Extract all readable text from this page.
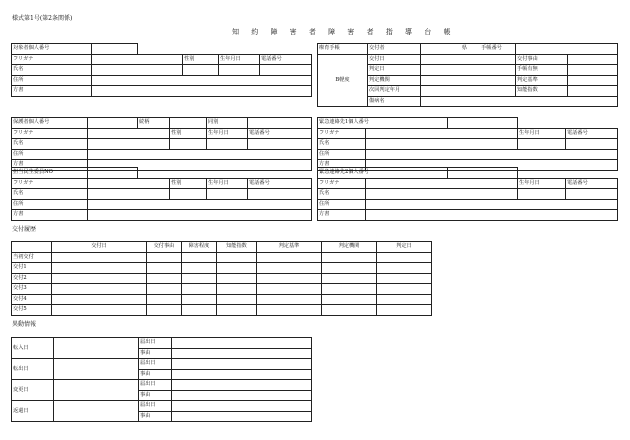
様式第1号(第2条関係)
知 約 障 害 者 障 害 者 指 導 台 帳
対象者個人番号					
フリガナ			性別	生年月日	電話番号
氏名					
住所					
方書					
療育手帳	交付者	県 手帳番号		
B軽度	交付日		交付事由	
	判定日		手帳有無	
	判定機関		判定基準	
	次回判定年月		知能指数	
	傷病名			
保護者個人番号		続柄		同別	
フリガナ			性別	生年月日	電話番号
氏名					
住所					
方書					
緊急連絡先1個人番号				
フリガナ			生年月日	電話番号
氏名				
住所				
方書				
担当民生委員NO					
フリガナ			性別	生年月日	電話番号
氏名					
住所					
方書					
緊急連絡先2個人番号				
フリガナ			生年月日	電話番号
氏名				
住所				
方書				
交付履歴
	交付日	交付事由	障害程度	知能指数	判定基準	判定機関	判定日
当初交付							
交付1							
交付2							
交付3							
交付4							
交付5							
異動情報
転入日		届出日	
		事由	
転出日		届出日	
		事由	
変更日		届出日	
		事由	
返還日		届出日	
		事由	
